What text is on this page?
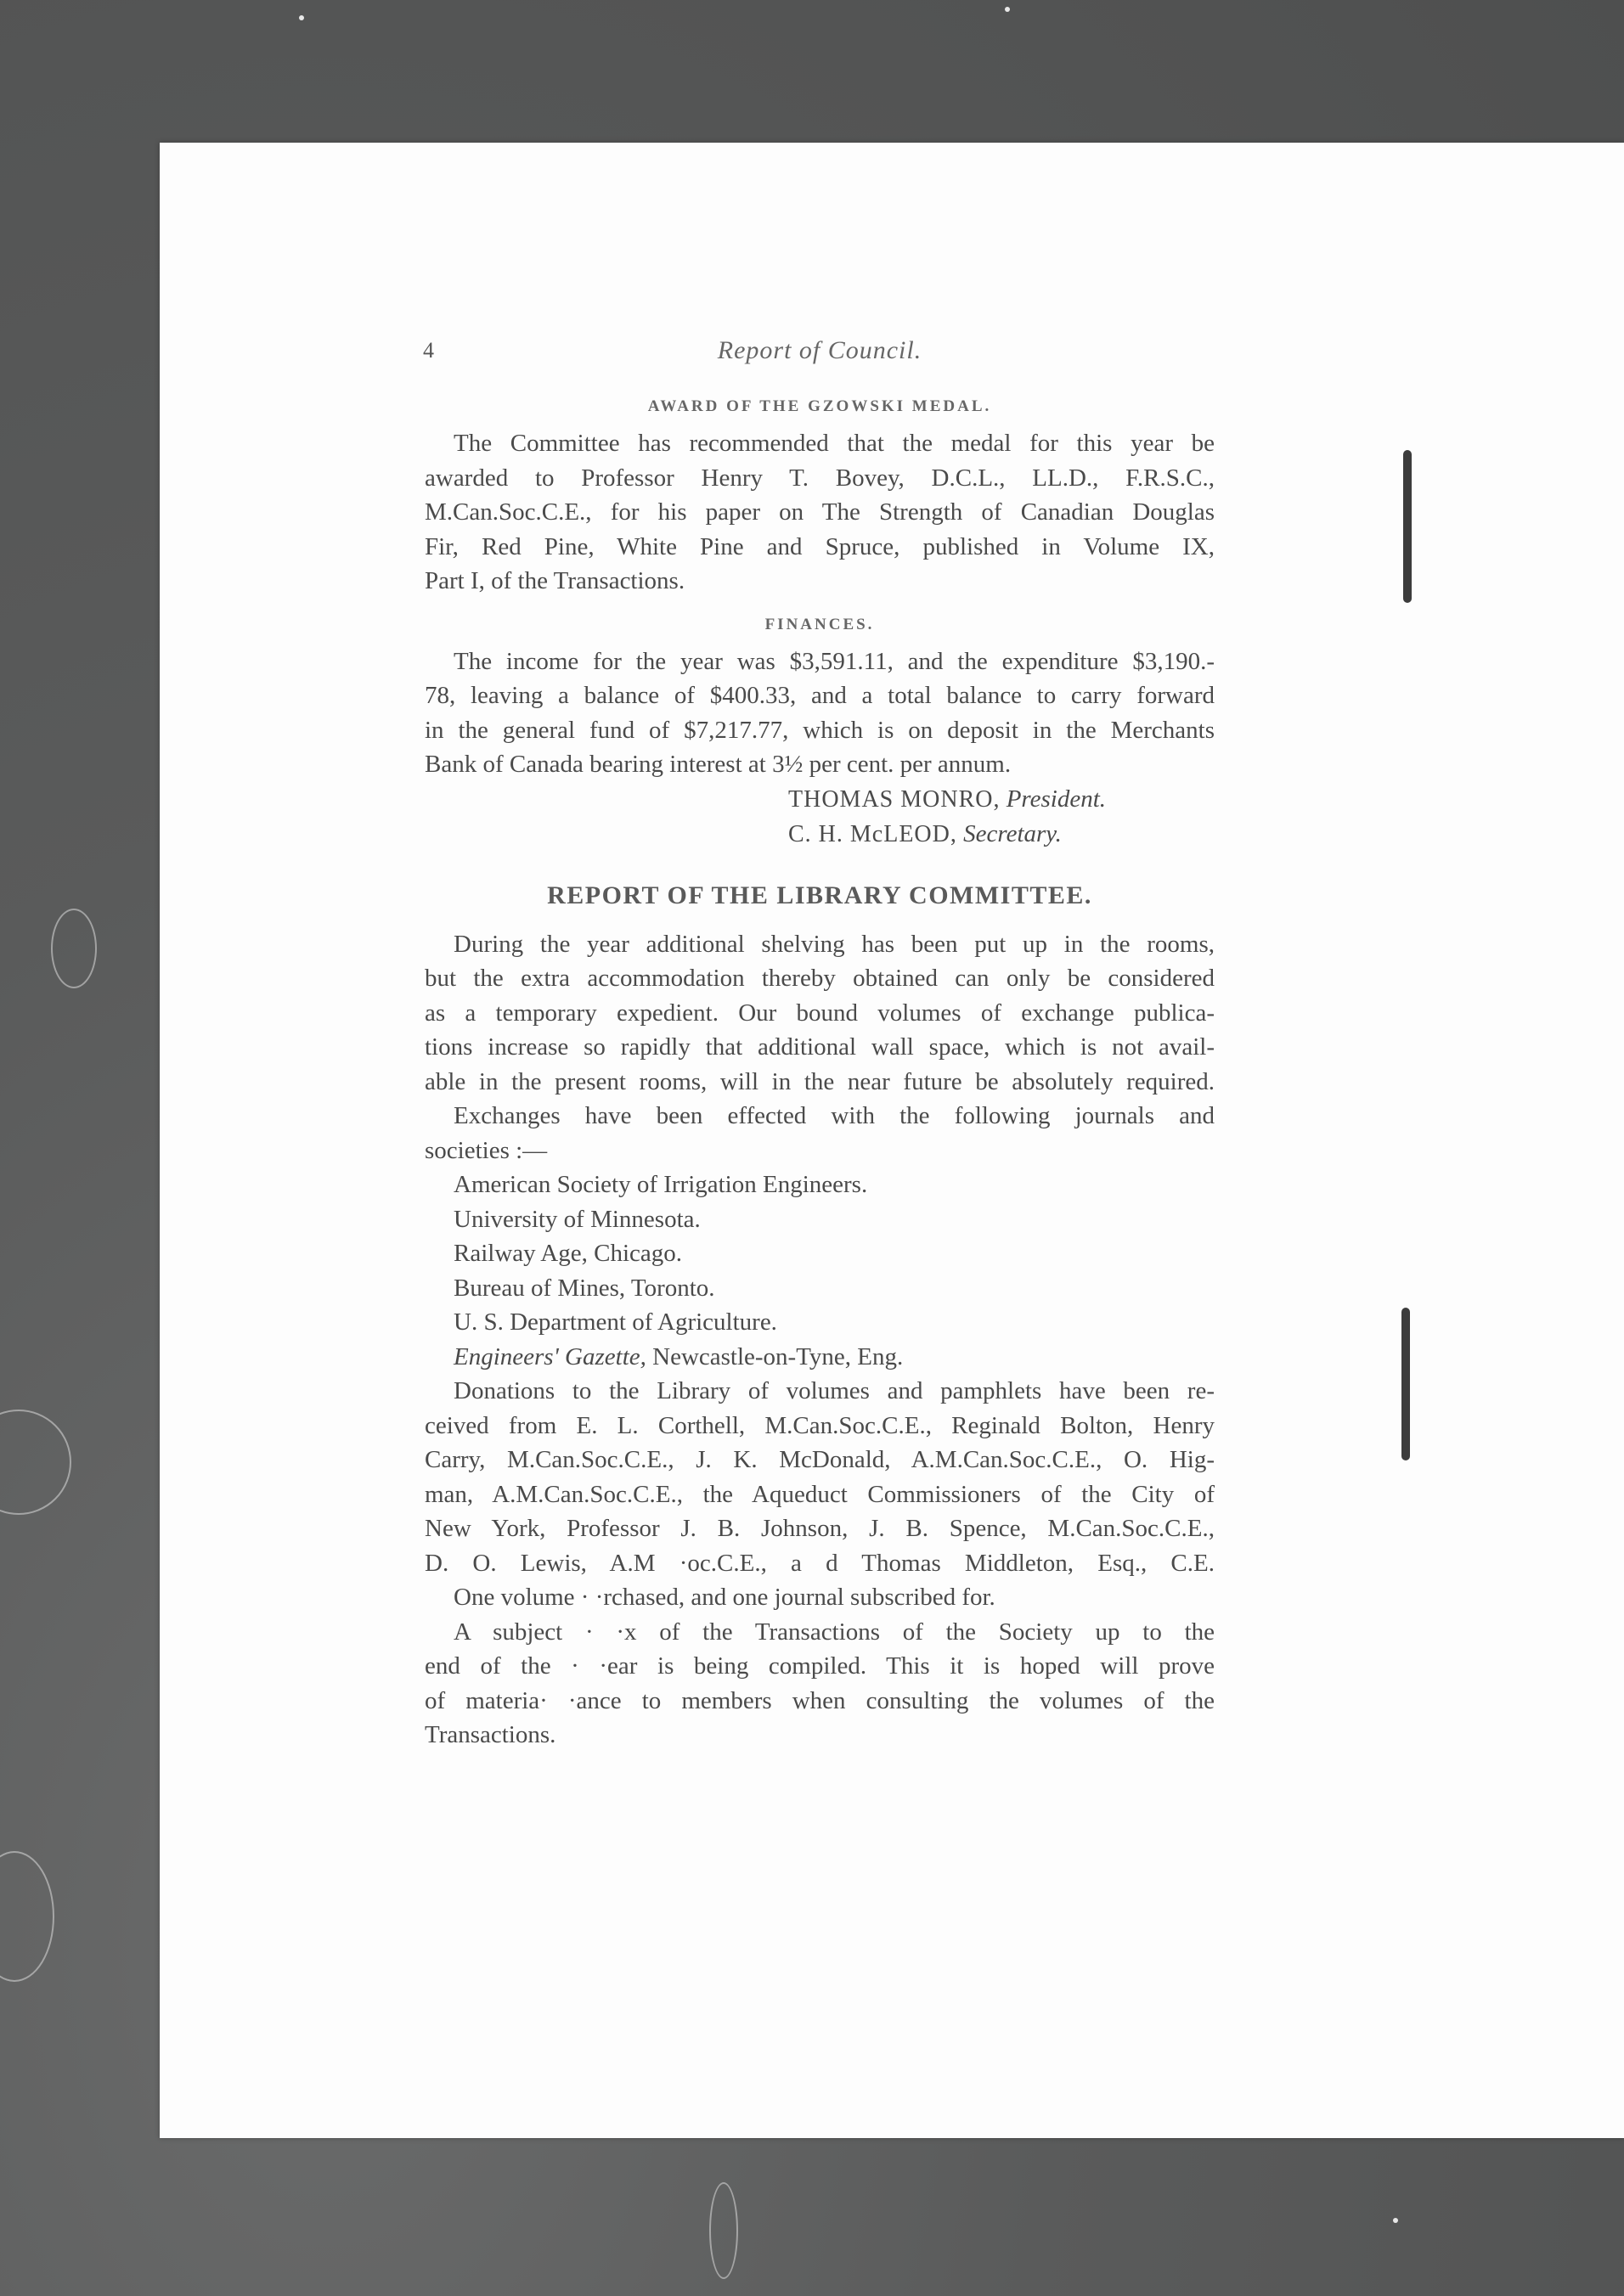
4	Report of Council.
AWARD OF THE GZOWSKI MEDAL.

The Committee has recommended that the medal for this year be
awarded to Professor Henry T. Bovey, D.C.L., LL.D., F.R.S.C.,
M.Can.Soc.C.E., for his paper on The Strength of Canadian Douglas
Fir, Red Pine, White Pine and Spruce, published in Volume IX,
Part I, of the Transactions.

FINANCES.

The income for the year was $3,591.11, and the expenditure $3,190.-
78, leaving a balance of $400.33, and a total balance to carry forward
in the general fund of $7,217.77, which is on deposit in the Merchants
Bank of Canada bearing interest at 3½ per cent. per annum.

THOMAS MONRO, President.
C. H. McLEOD, Secretary.
REPORT OF THE LIBRARY COMMITTEE.

During the year additional shelving has been put up in the rooms,
but the extra accommodation thereby obtained can only be considered
as a temporary expedient. Our bound volumes of exchange publica-
tions increase so rapidly that additional wall space, which is not avail-
able in the present rooms, will in the near future be absolutely required.

Exchanges have been effected with the following journals and
societies :—

American Society of Irrigation Engineers.
University of Minnesota.
Railway Age, Chicago.
Bureau of Mines, Toronto.
U. S. Department of Agriculture.
Engineers' Gazette, Newcastle-on-Tyne, Eng.

Donations to the Library of volumes and pamphlets have been re-
ceived from E. L. Corthell, M.Can.Soc.C.E., Reginald Bolton, Henry
Carry, M.Can.Soc.C.E., J. K. McDonald, A.M.Can.Soc.C.E., O. Hig-
man, A.M.Can.Soc.C.E., the Aqueduct Commissioners of the City of
New York, Professor J. B. Johnson, J. B. Spence, M.Can.Soc.C.E.,
D. O. Lewis, A.M ·oc.C.E., a d Thomas Middleton, Esq., C.E.

One volume · ·rchased, and one journal subscribed for.

A subject · ·x of the Transactions of the Society up to the
end of the · ·ear is being compiled. This it is hoped will prove
of materia· ·ance to members when consulting the volumes of the
Transactions.
